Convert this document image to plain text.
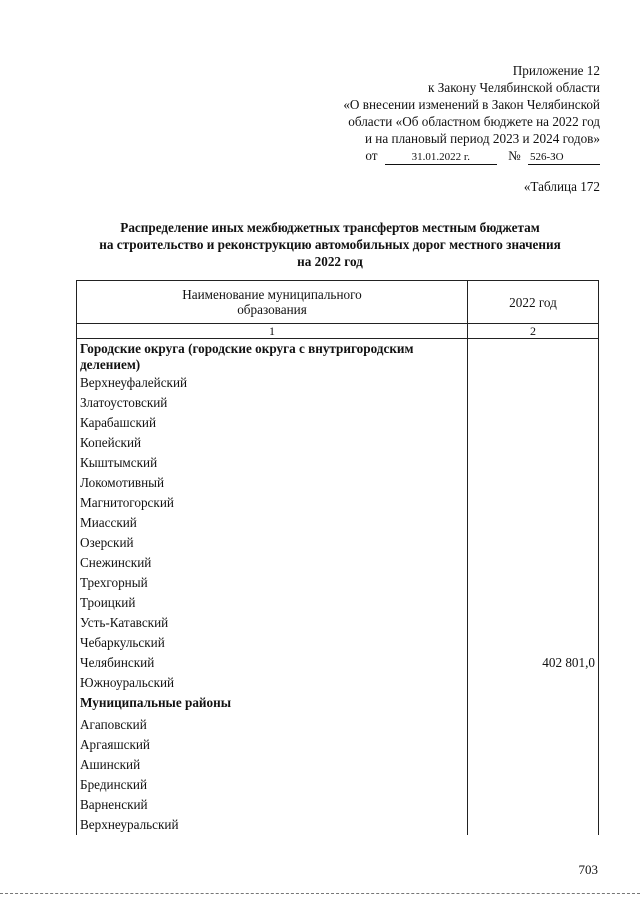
Приложение 12
к Закону Челябинской области
«О внесении изменений в Закон Челябинской
области «Об областном бюджете на 2022 год
и на плановый период 2023 и 2024 годов»
от	31.01.2022 г.	№ 526-ЗО
«Таблица 172
Распределение иных межбюджетных трансфертов местным бюджетам
на строительство и реконструкцию автомобильных дорог местного значения
на 2022 год
Наименование муниципального
образования	2022 год
1	2
Городские округа (городские округа с внутригородским делением)	
Верхнеуфалейский	
Златоустовский	
Карабашский	
Копейский	
Кыштымский	
Локомотивный	
Магнитогорский	
Миасский	
Озерский	
Снежинский	
Трехгорный	
Троицкий	
Усть-Катавский	
Чебаркульский	
Челябинский	402 801,0
Южноуральский	
Муниципальные районы	
Агаповский	
Аргаяшский	
Ашинский	
Брединский	
Варненский	
Верхнеуральский	
703
